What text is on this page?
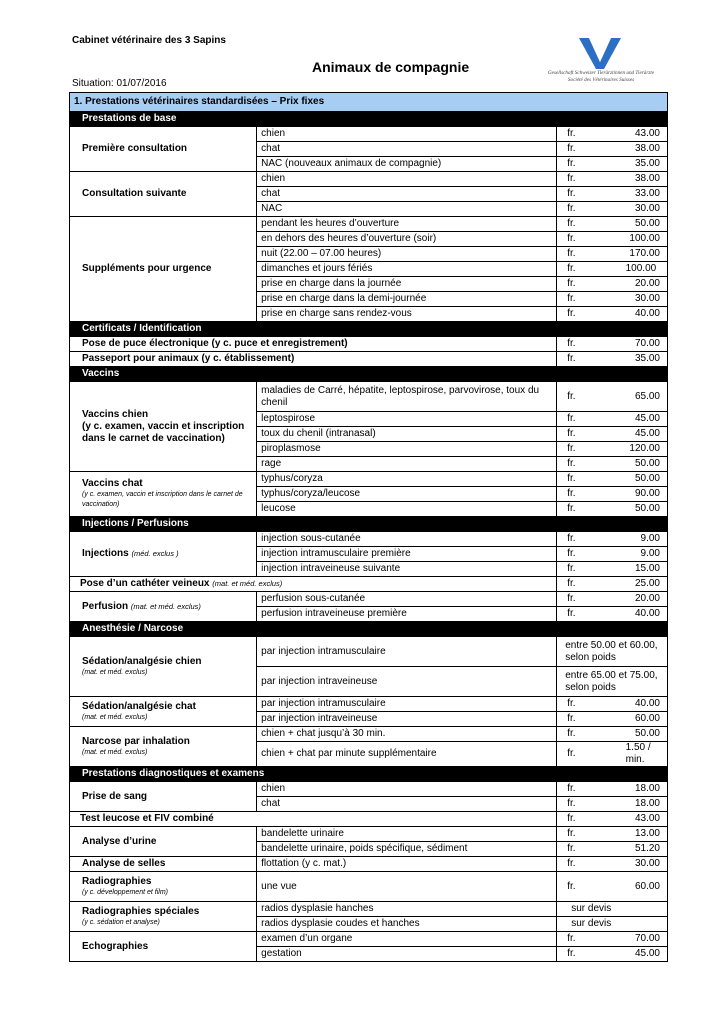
Cabinet vétérinaire des 3 Sapins
Animaux de compagnie
Situation: 01/07/2016
Gesellschaft Schweizer Tierärztinnen und Tierärzte
Société des Vétérinaires Suisses
1. Prestations vétérinaires standardisées – Prix fixes			
Prestations de base			
Première consultation	chien	fr.	43.00
	chat	fr.	38.00
	NAC (nouveaux animaux de compagnie)	fr.	35.00
Consultation suivante	chien	fr.	38.00
	chat	fr.	33.00
	NAC	fr.	30.00
Suppléments pour urgence	pendant les heures d’ouverture	fr.	50.00
	en dehors des heures d’ouverture (soir)	fr.	100.00
	nuit (22.00 – 07.00 heures)	fr.	170.00
	dimanches et jours fériés	fr.	100.00
	prise en charge dans la journée	fr.	20.00
	prise en charge dans la demi-journée	fr.	30.00
	prise en charge sans rendez-vous	fr.	40.00
Certificats / Identification			
Pose de puce électronique (y c. puce et enregistrement)		fr.	70.00
Passeport pour animaux (y c. établissement)		fr.	35.00
Vaccins			

Vaccins chien
(y c. examen, vaccin et inscription
dans le carnet de vaccination)	maladies de Carré, hépatite, leptospirose, parvovirose, toux du chenil	fr.	65.00
	leptospirose	fr.	45.00
	toux du chenil (intranasal)	fr.	45.00
	piroplasmose	fr.	120.00
	rage	fr.	50.00
Vaccins chat
(y c. examen, vaccin et inscription dans le carnet de vaccination)	typhus/coryza	fr.	50.00
	typhus/coryza/leucose	fr.	90.00
	leucose	fr.	50.00
Injections / Perfusions			
Injections (méd. exclus )	injection sous-cutanée	fr.	9.00
	injection intramusculaire première	fr.	9.00
	injection intraveineuse suivante	fr.	15.00
Pose d’un cathéter veineux (mat. et méd. exclus)		fr.	25.00
Perfusion (mat. et méd. exclus)	perfusion sous-cutanée	fr.	20.00
	perfusion intraveineuse première	fr.	40.00
Anesthésie / Narcose			
Sédation/analgésie chien
(mat. et méd. exclus)	par injection intramusculaire	entre 50.00 et 60.00,
selon poids	

	par injection intraveineuse	entre 65.00 et 75.00,
selon poids	

Sédation/analgésie chat
(mat. et méd. exclus)	par injection intramusculaire	fr.	40.00
	par injection intraveineuse	fr.	60.00
Narcose par inhalation
(mat. et méd. exclus)	chien + chat jusqu’à 30 min.	fr.	50.00
	chien + chat par minute supplémentaire	fr.	1.50 / min.
Prestations diagnostiques et examens			
Prise de sang	chien	fr.	18.00
	chat	fr.	18.00
Test leucose et FIV combiné		fr.	43.00
Analyse d’urine	bandelette urinaire	fr.	13.00
	bandelette urinaire, poids spécifique, sédiment	fr.	51.20
Analyse de selles	flottation (y c. mat.)	fr.	30.00
Radiographies
(y c. développement et film)	une vue	fr.	60.00
Radiographies spéciales
(y c. sédation et analyse)	radios dysplasie hanches	sur devis	
	radios dysplasie coudes et hanches	sur devis	
Echographies	examen d’un organe	fr.	70.00
	gestation	fr.	45.00
